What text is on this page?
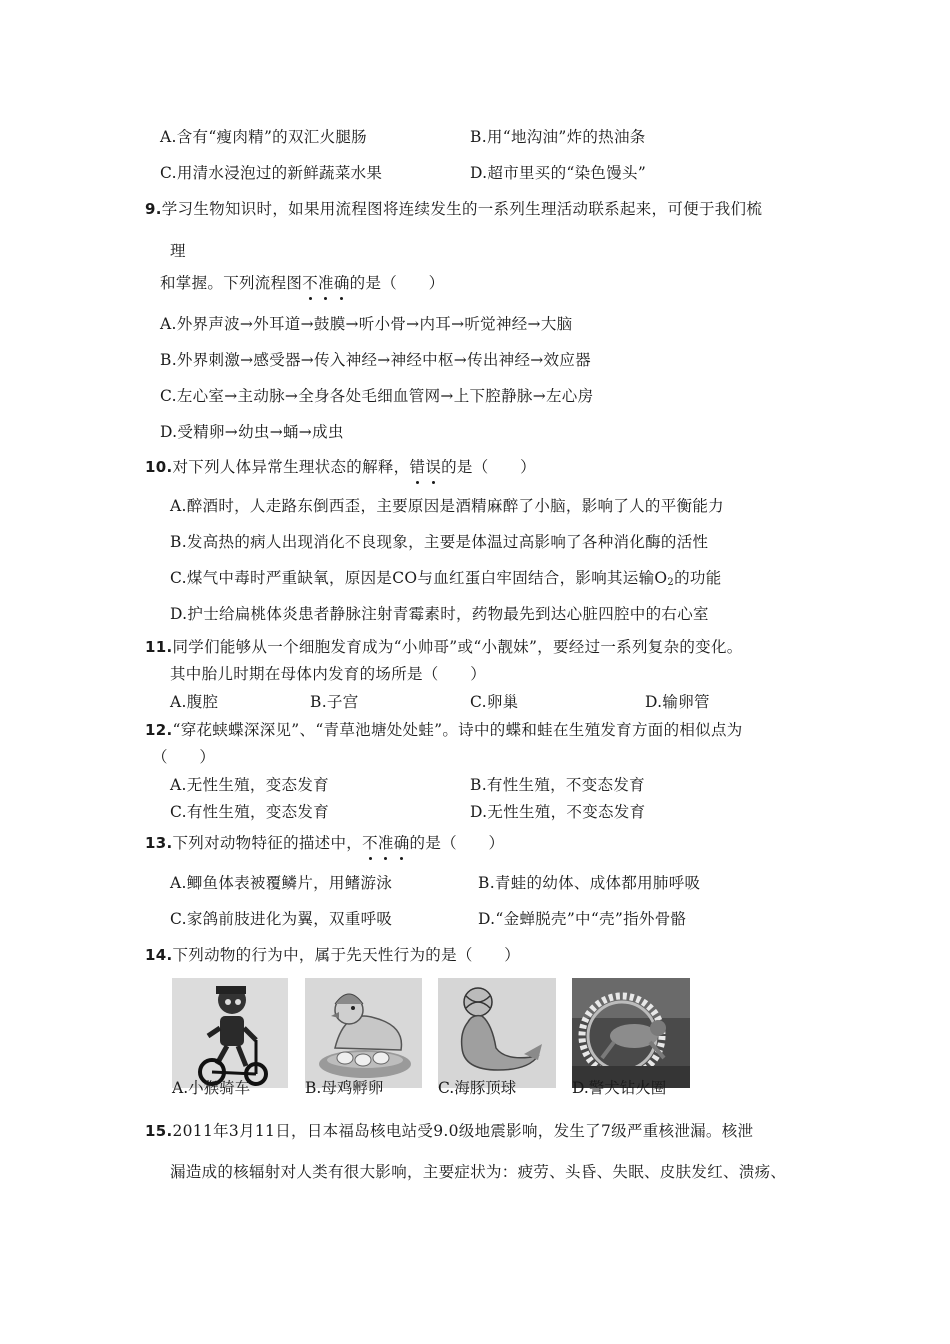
A.含有“瘦肉精”的双汇火腿肠	B.用“地沟油”炸的热油条
C.用清水浸泡过的新鲜蔬菜水果	D.超市里买的“染色馒头”
9.学习生物知识时，如果用流程图将连续发生的一系列生理活动联系起来，可便于我们梳
理
和掌握。下列流程图不准确的是（　　）
A.外界声波→外耳道→鼓膜→听小骨→内耳→听觉神经→大脑
B.外界刺激→感受器→传入神经→神经中枢→传出神经→效应器
C.左心室→主动脉→全身各处毛细血管网→上下腔静脉→左心房
D.受精卵→幼虫→蛹→成虫
10.对下列人体异常生理状态的解释，错误的是（　　）
A.醉酒时，人走路东倒西歪，主要原因是酒精麻醉了小脑，影响了人的平衡能力
B.发高热的病人出现消化不良现象，主要是体温过高影响了各种消化酶的活性
C.煤气中毒时严重缺氧，原因是CO与血红蛋白牢固结合，影响其运输$O_2$的功能
D.护士给扁桃体炎患者静脉注射青霉素时，药物最先到达心脏四腔中的右心室
11.同学们能够从一个细胞发育成为“小帅哥”或“小靓妹”，要经过一系列复杂的变化。
其中胎儿时期在母体内发育的场所是（　　）
A.腹腔	B.子宫	C.卵巢	D.输卵管
12.“穿花蛱蝶深深见”、“青草池塘处处蛙”。诗中的蝶和蛙在生殖发育方面的相似点为
（　　）
A.无性生殖，变态发育	B.有性生殖，不变态发育
C.有性生殖，变态发育	D.无性生殖，不变态发育
13.下列对动物特征的描述中，不准确的是（　　）
A.鲫鱼体表被覆鳞片，用鳍游泳	B.青蛙的幼体、成体都用肺呼吸
C.家鸽前肢进化为翼，双重呼吸	D.“金蝉脱壳”中“壳”指外骨骼
14.下列动物的行为中，属于先天性行为的是（　　）
A.小猴骑车	B.母鸡孵卵	C.海豚顶球	D.警犬钻火圈
15.2011年3月11日，日本福岛核电站受9.0级地震影响，发生了7级严重核泄漏。核泄
漏造成的核辐射对人类有很大影响，主要症状为：疲劳、头昏、失眠、皮肤发红、溃疡、
